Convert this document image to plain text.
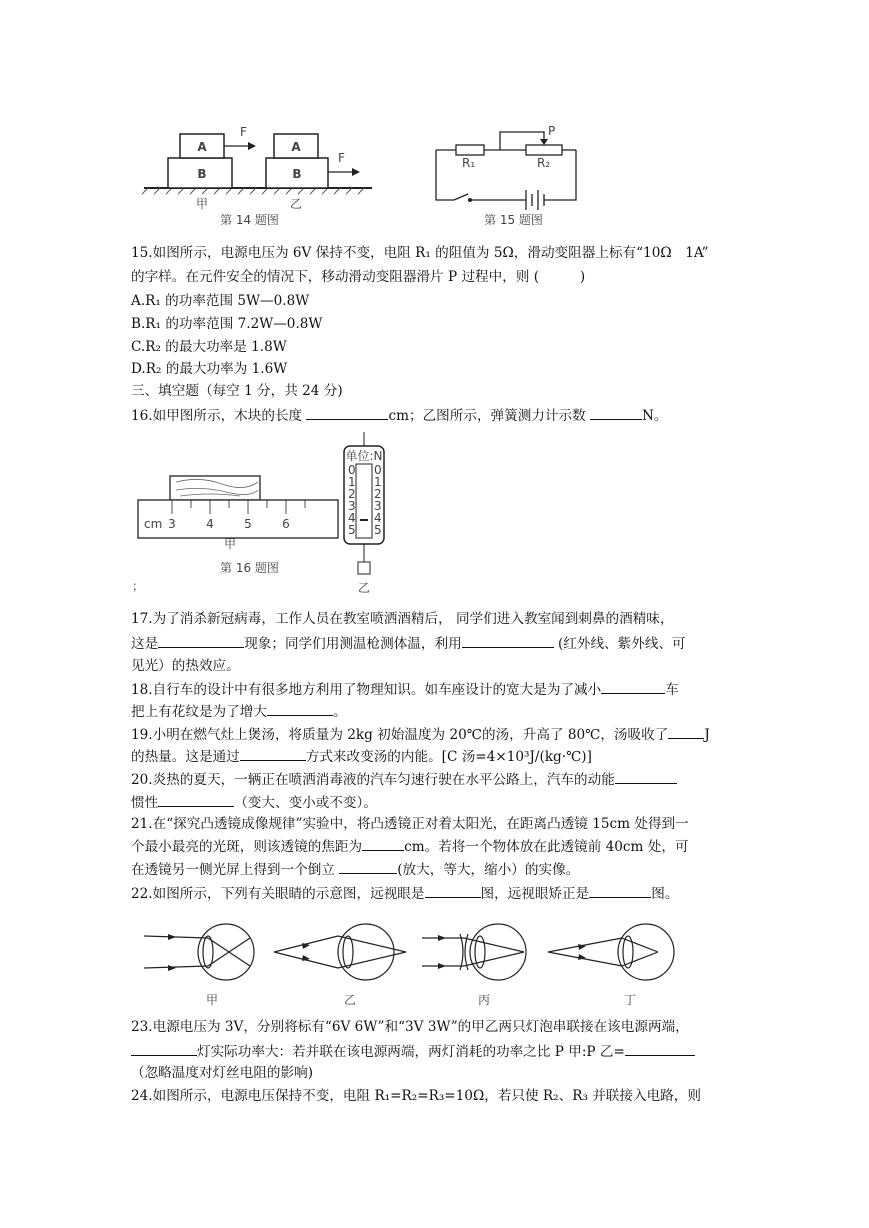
B
A
F
B
A
F
甲	乙
第 14 题图
P
R₁	R₂
第 15 题图
15.如图所示，电源电压为 6V 保持不变，电阻 R₁ 的阻值为 5Ω，滑动变阻器上标有“10Ω　1A”
的字样。在元件安全的情况下，移动滑动变阻器滑片 P 过程中，则 (　　　)
A.R₁ 的功率范围 5W—0.8W
B.R₁ 的功率范围 7.2W—0.8W
C.R₂ 的最大功率是 1.8W
D.R₂ 的最大功率为 1.6W
三、填空题（每空 1 分，共 24 分)
16.如甲图所示，木块的长度	cm；乙图所示，弹簧测力计示数	N。
cm 3	4	5	6
甲
第 16 题图
；
单位:N
0
1
2
3
4
5
0
1
2
3
4
5
乙
17.为了消杀新冠病毒，工作人员在教室喷洒酒精后， 同学们进入教室闻到刺鼻的酒精味，
这是	现象；同学们用测温枪测体温，利用	(红外线、紫外线、可
见光）的热效应。
18.自行车的设计中有很多地方利用了物理知识。如车座设计的宽大是为了减小	车
把上有花纹是为了增大	。
19.小明在燃气灶上煲汤，将质量为 2kg 初始温度为 20℃的汤，升高了 80℃，汤吸收了	J
的热量。这是通过	方式来改变汤的内能。[C 汤=4×10³J/(kg·℃)]
20.炎热的夏天，一辆正在喷洒消毒液的汽车匀速行驶在水平公路上，汽车的动能
惯性	（变大、变小或不变）。
21.在“探究凸透镜成像规律”实验中，将凸透镜正对着太阳光，在距离凸透镜 15cm 处得到一
个最小最亮的光斑，则该透镜的焦距为	cm。若将一个物体放在此透镜前 40cm 处，可
在透镜另一侧光屏上得到一个倒立	(放大，等大，缩小）的实像。
22.如图所示，下列有关眼睛的示意图，远视眼是	图，远视眼矫正是	图。
甲	乙	丙	丁
23.电源电压为 3V，分别将标有“6V 6W”和“3V 3W”的甲乙两只灯泡串联接在该电源两端，
灯实际功率大：若并联在该电源两端，两灯消耗的功率之比 P 甲:P 乙=
（忽略温度对灯丝电阻的影响)
24.如图所示，电源电压保持不变，电阻 R₁=R₂=R₃=10Ω，若只使 R₂、R₃ 并联接入电路，则
